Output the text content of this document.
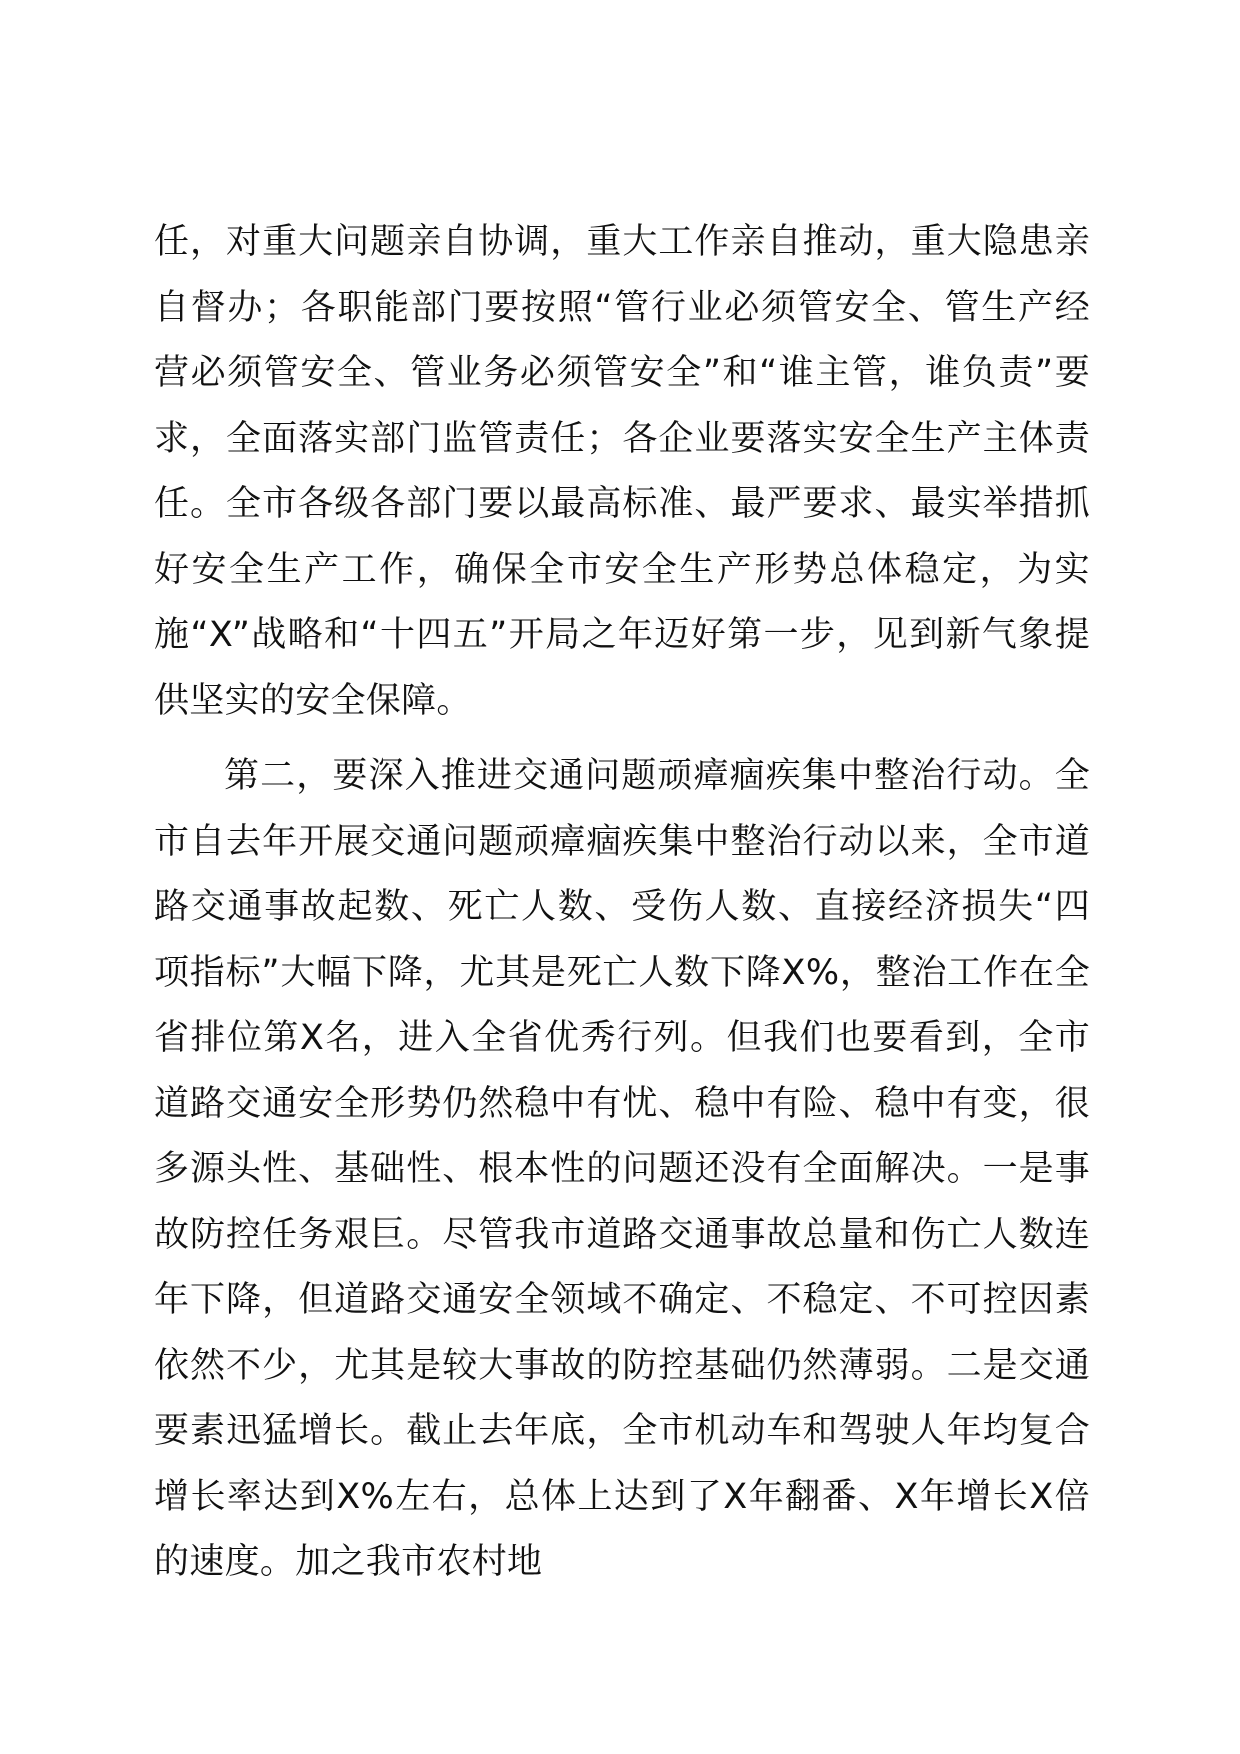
任，对重大问题亲自协调，重大工作亲自推动，重大隐患亲自督办；各职能部门要按照“管行业必须管安全、管生产经营必须管安全、管业务必须管安全”和“谁主管，谁负责”要求，全面落实部门监管责任；各企业要落实安全生产主体责任。全市各级各部门要以最高标准、最严要求、最实举措抓好安全生产工作，确保全市安全生产形势总体稳定，为实施“X”战略和“十四五”开局之年迈好第一步，见到新气象提供坚实的安全保障。

第二，要深入推进交通问题顽瘴痼疾集中整治行动。全市自去年开展交通问题顽瘴痼疾集中整治行动以来，全市道路交通事故起数、死亡人数、受伤人数、直接经济损失“四项指标”大幅下降，尤其是死亡人数下降X%，整治工作在全省排位第X名，进入全省优秀行列。但我们也要看到，全市道路交通安全形势仍然稳中有忧、稳中有险、稳中有变，很多源头性、基础性、根本性的问题还没有全面解决。一是事故防控任务艰巨。尽管我市道路交通事故总量和伤亡人数连年下降，但道路交通安全领域不确定、不稳定、不可控因素依然不少，尤其是较大事故的防控基础仍然薄弱。二是交通要素迅猛增长。截止去年底，全市机动车和驾驶人年均复合增长率达到X%左右，总体上达到了X年翻番、X年增长X倍的速度。加之我市农村地
